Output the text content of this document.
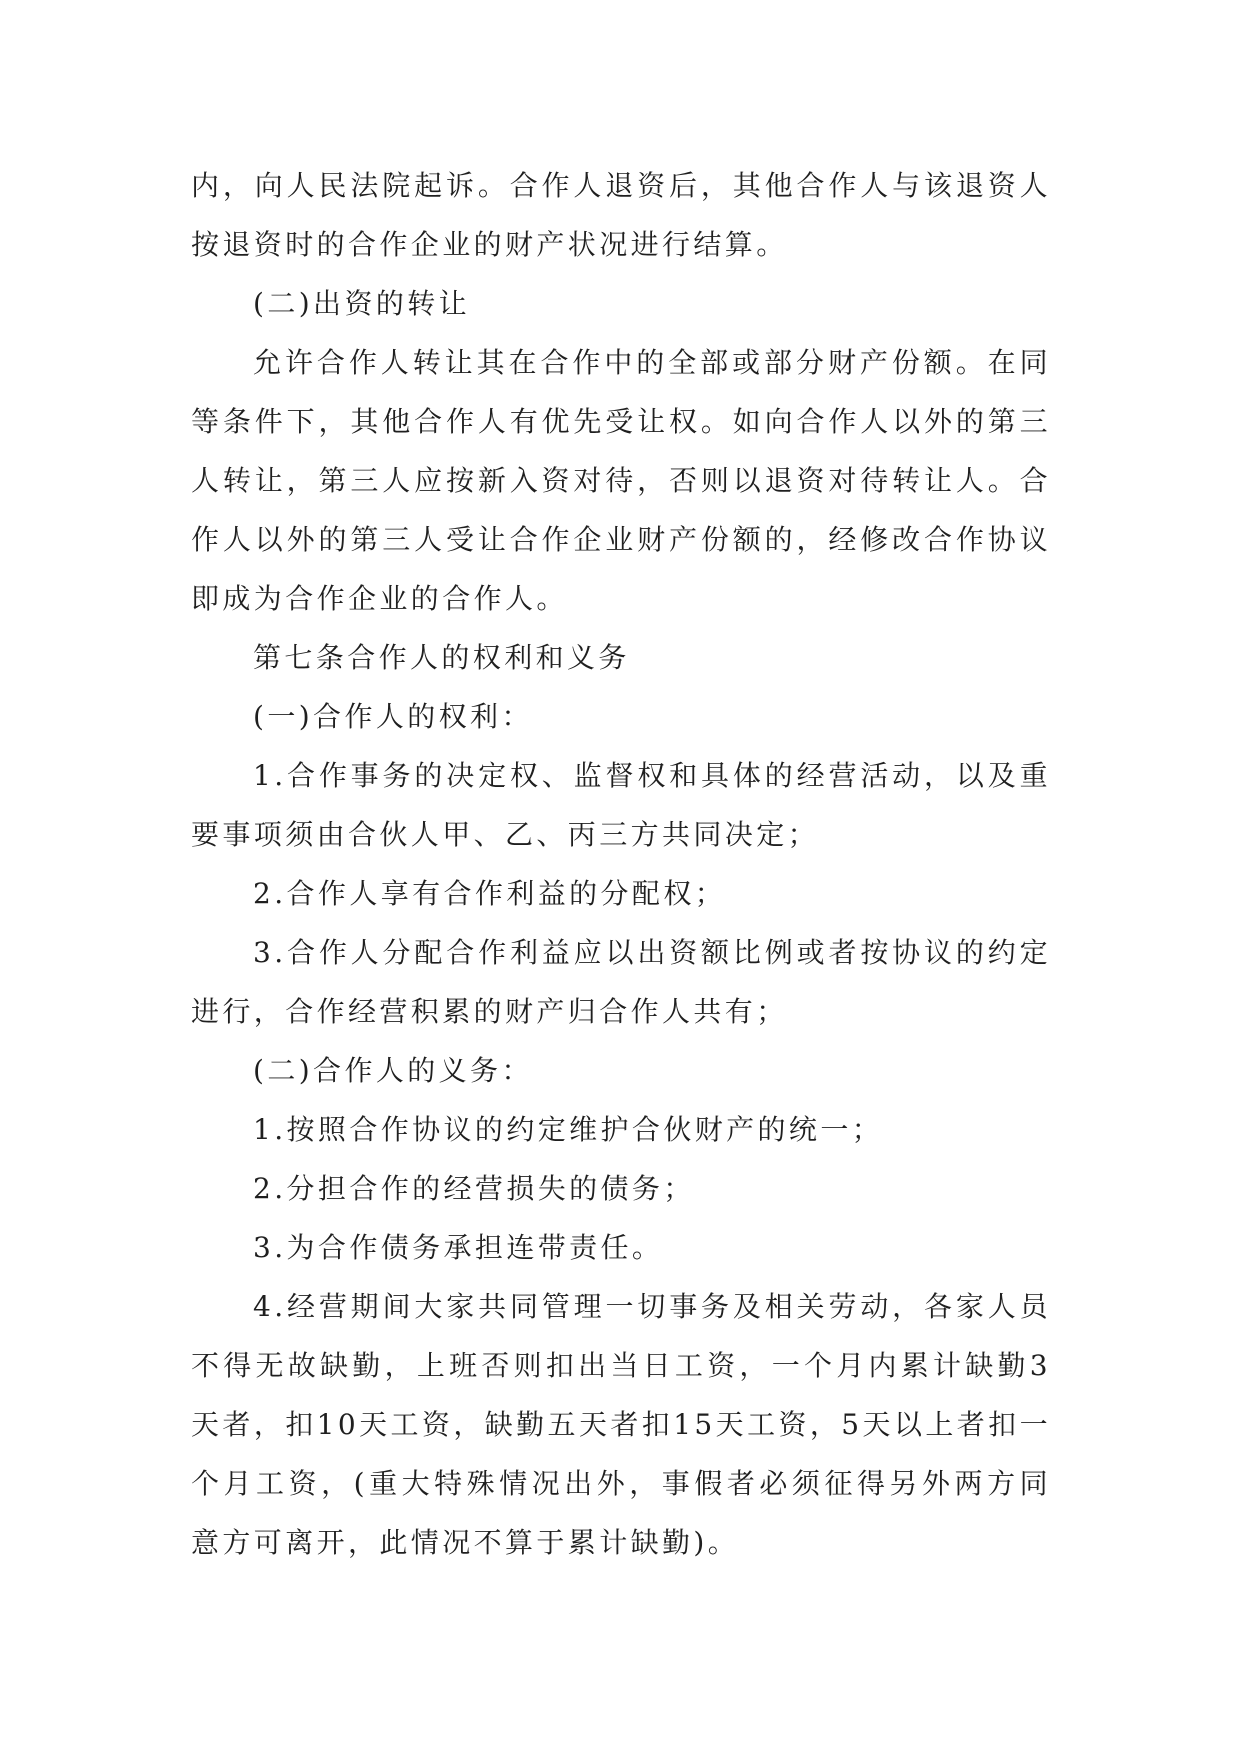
内，向人民法院起诉。合作人退资后，其他合作人与该退资人按退资时的合作企业的财产状况进行结算。

(二)出资的转让

允许合作人转让其在合作中的全部或部分财产份额。在同等条件下，其他合作人有优先受让权。如向合作人以外的第三人转让，第三人应按新入资对待，否则以退资对待转让人。合作人以外的第三人受让合作企业财产份额的，经修改合作协议即成为合作企业的合作人。

第七条合作人的权利和义务

(一)合作人的权利：

1.合作事务的决定权、监督权和具体的经营活动，以及重要事项须由合伙人甲、乙、丙三方共同决定；

2.合作人享有合作利益的分配权；

3.合作人分配合作利益应以出资额比例或者按协议的约定进行，合作经营积累的财产归合作人共有；

(二)合作人的义务：

1.按照合作协议的约定维护合伙财产的统一；

2.分担合作的经营损失的债务；

3.为合作债务承担连带责任。

4.经营期间大家共同管理一切事务及相关劳动，各家人员不得无故缺勤，上班否则扣出当日工资，一个月内累计缺勤3天者，扣10天工资，缺勤五天者扣15天工资，5天以上者扣一个月工资，(重大特殊情况出外，事假者必须征得另外两方同意方可离开，此情况不算于累计缺勤)。
